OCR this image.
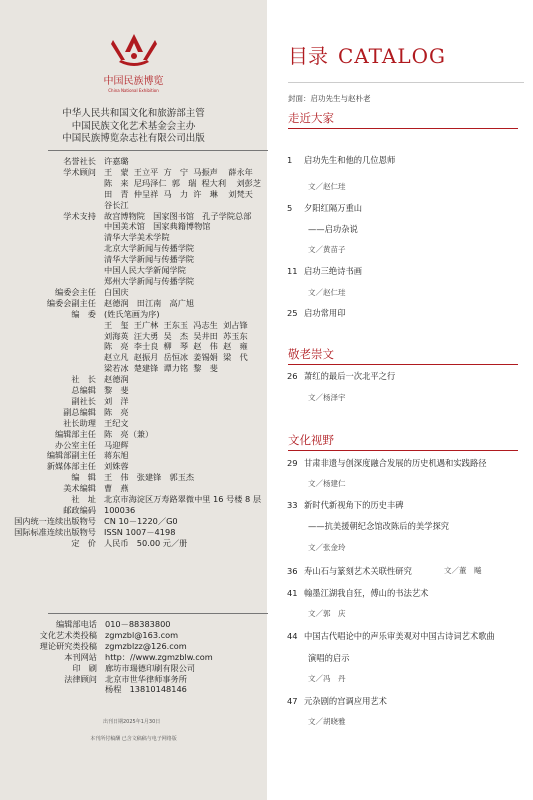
中国民族博览
China National Exhibition
中华人民共和国文化和旅游部主管
中国民族文化艺术基金会主办
中国民族博览杂志社有限公司出版
名誉社长 许嘉璐
学术顾问 王　蒙  王立平  方　宁  马振声    薛永年
陈　来  尼玛泽仁  郭　瑞  程大利    刘彭芝
田　青  仲呈祥  马　力  许　琳    刘梵天
谷长江
学术支持 故宫博物院　国家图书馆　孔子学院总部
中国美术馆　国家典籍博物馆
清华大学美术学院
北京大学新闻与传播学院
清华大学新闻与传播学院
中国人民大学新闻学院
郑州大学新闻与传播学院
编委会主任 白国庆
编委会副主任 赵德润　田江南　高广旭
编　委 (姓氏笔画为序)
王　玺  王广林  王东玉  冯志生  刘占锋
刘海英  汪大勇  吴　杰  吴井田  苏玉东
陈　亮  李士良  柳　琴  赵　伟  赵　雍
赵立凡  赵振月  岳恒冰  姜锡娟  梁　代
梁若冰  楚建锋  谭力铭  黎　斐
社　长 赵德润
总编辑 黎　斐
副社长 刘　洋
副总编辑 陈　亮
社长助理 王纪文
编辑部主任 陈　亮（兼）
办公室主任 马迎辉
编辑部副主任 蒋东旭
新媒体部主任 刘姝蓉
编　辑 王　伟　张建锋　郭玉杰
美术编辑 曹　燕
社　址 北京市海淀区万寿路翠微中里 16 号楼 8 层
邮政编码 100036
国内统一连续出版物号 CN 10－1220／G0
国际标准连续出版物号 ISSN 1007－4198
定　价 人民币　50.00 元／册
编辑部电话 010－88383800
文化艺术类投稿 zgmzbl@163.com
理论研究类投稿 zgmzblzz@126.com
本刊网站 http：//www.zgmzblw.com
印　刷 廊坊市瑞德印刷有限公司
法律顾问 北京市世华律师事务所
杨程　13810148146
出刊日期2025年1月30日
本刊所付稿酬 已含文稿稿与电子网络版
目录 CATALOG
封面：启功先生与赵朴老
走近大家
1 启功先生和他的几位恩师
文／赵仁珪
5 夕阳红隔万重山
——启功杂说
文／黄苗子
11 启功三绝诗书画
文／赵仁珪
25 启功常用印
敬老崇文
26 萧红的最后一次北平之行
文／杨泽宇
文化视野
29 甘肃非遗与创深度融合发展的历史机遇和实践路径
文／杨建仁
33 新时代新视角下的历史丰碑
——抗美援朝纪念馆改陈后的美学探究
文／张金玲
36 寿山石与篆刻艺术关联性研究	文／董　飚
41 翰墨江湖我自狂，傅山的书法艺术
文／郭　庆
44 中国古代唱论中的声乐审美观对中国古诗词艺术歌曲
演唱的启示
文／冯　丹
47 元杂剧的宫调应用艺术
文／胡晓雅
